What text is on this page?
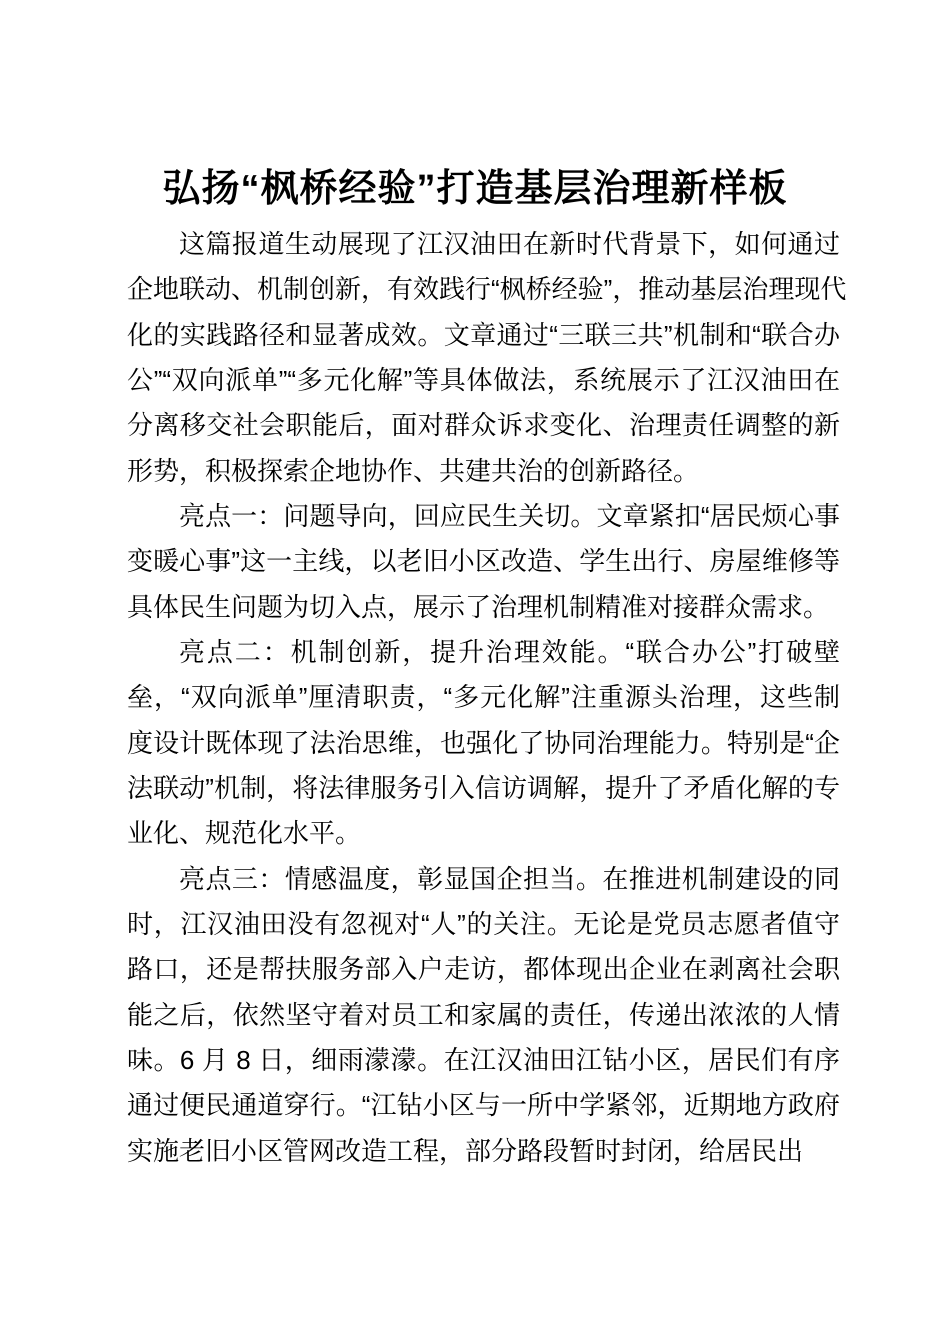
弘扬“枫桥经验”打造基层治理新样板
这篇报道生动展现了江汉油田在新时代背景下，如何通过
企地联动、机制创新，有效践行“枫桥经验”，推动基层治理现代
化的实践路径和显著成效。文章通过“三联三共”机制和“联合办
公”“双向派单”“多元化解”等具体做法，系统展示了江汉油田在
分离移交社会职能后，面对群众诉求变化、治理责任调整的新
形势，积极探索企地协作、共建共治的创新路径。
亮点一：问题导向，回应民生关切。文章紧扣“居民烦心事
变暖心事”这一主线，以老旧小区改造、学生出行、房屋维修等
具体民生问题为切入点，展示了治理机制精准对接群众需求。
亮点二：机制创新，提升治理效能。“联合办公”打破壁
垒，“双向派单”厘清职责，“多元化解”注重源头治理，这些制
度设计既体现了法治思维，也强化了协同治理能力。特别是“企
法联动”机制，将法律服务引入信访调解，提升了矛盾化解的专
业化、规范化水平。
亮点三：情感温度，彰显国企担当。在推进机制建设的同
时，江汉油田没有忽视对“人”的关注。无论是党员志愿者值守
路口，还是帮扶服务部入户走访，都体现出企业在剥离社会职
能之后，依然坚守着对员工和家属的责任，传递出浓浓的人情
味。6 月 8 日，细雨濛濛。在江汉油田江钻小区，居民们有序
通过便民通道穿行。“江钻小区与一所中学紧邻，近期地方政府
实施老旧小区管网改造工程，部分路段暂时封闭，给居民出
